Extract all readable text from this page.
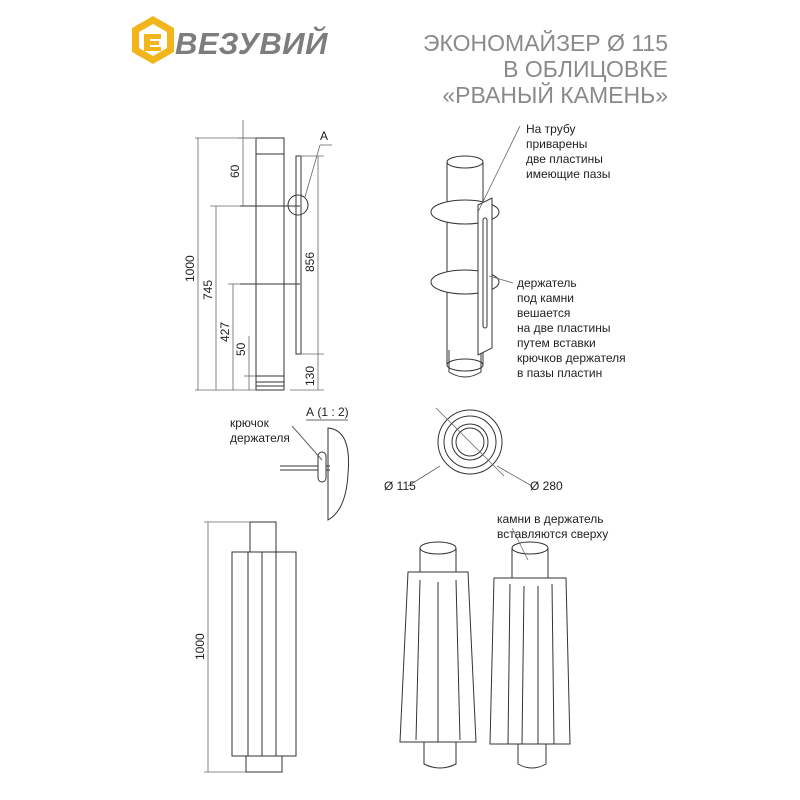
ВЕЗУВИЙ	ЭКОНОМАЙЗЕР Ø 115
В ОБЛИЦОВКЕ
«РВАНЫЙ КАМЕНЬ»
60
1000
745
427
50
856
130
1000
Ø 115	Ø 280
А
А (1 : 2)
крючок
держателя
На трубу
приварены
две пластины
имеющие пазы
держатель
под камни
вешается
на две пластины
путем вставки
крючков держателя
в пазы пластин
камни в держатель
вставляются сверху
